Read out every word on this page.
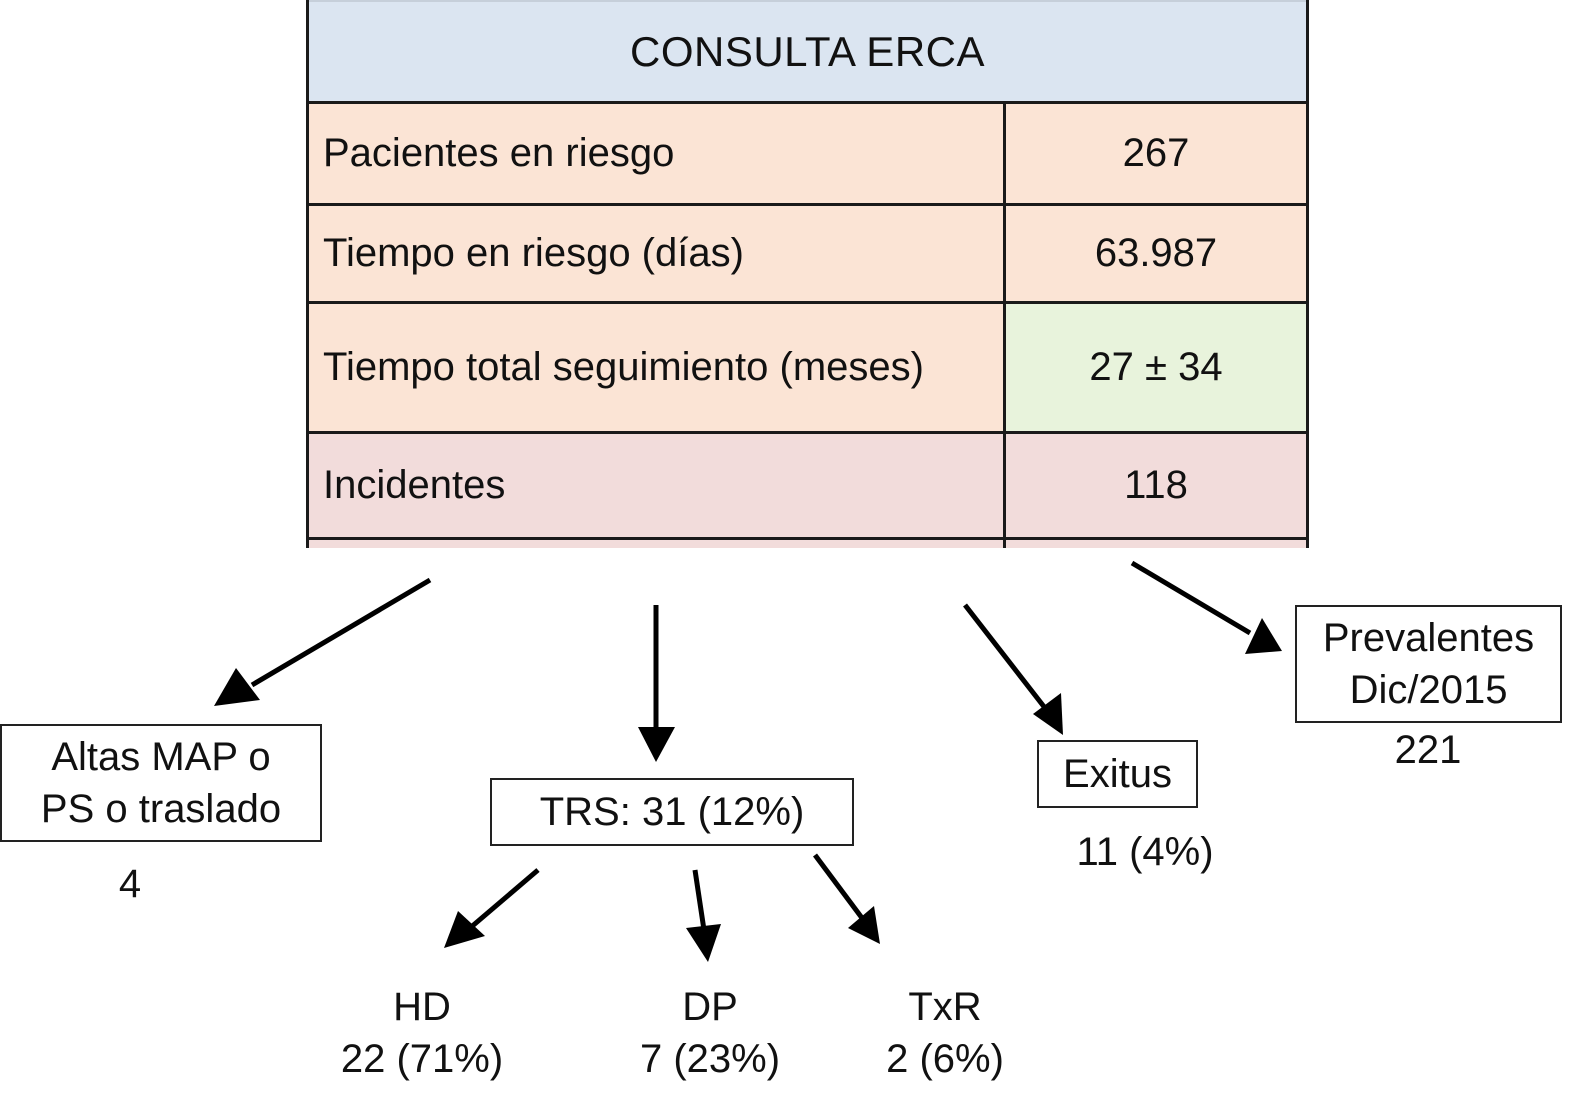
CONSULTA ERCA
Pacientes en riesgo	267
Tiempo en riesgo (días)	63.987
Tiempo total seguimiento (meses)	27 ± 34
Incidentes	118
Altas MAP o
PS o traslado
4
TRS: 31 (12%)
Exitus
11 (4%)
Prevalentes
Dic/2015
221
HD
22 (71%)
DP
7 (23%)
TxR
2 (6%)
